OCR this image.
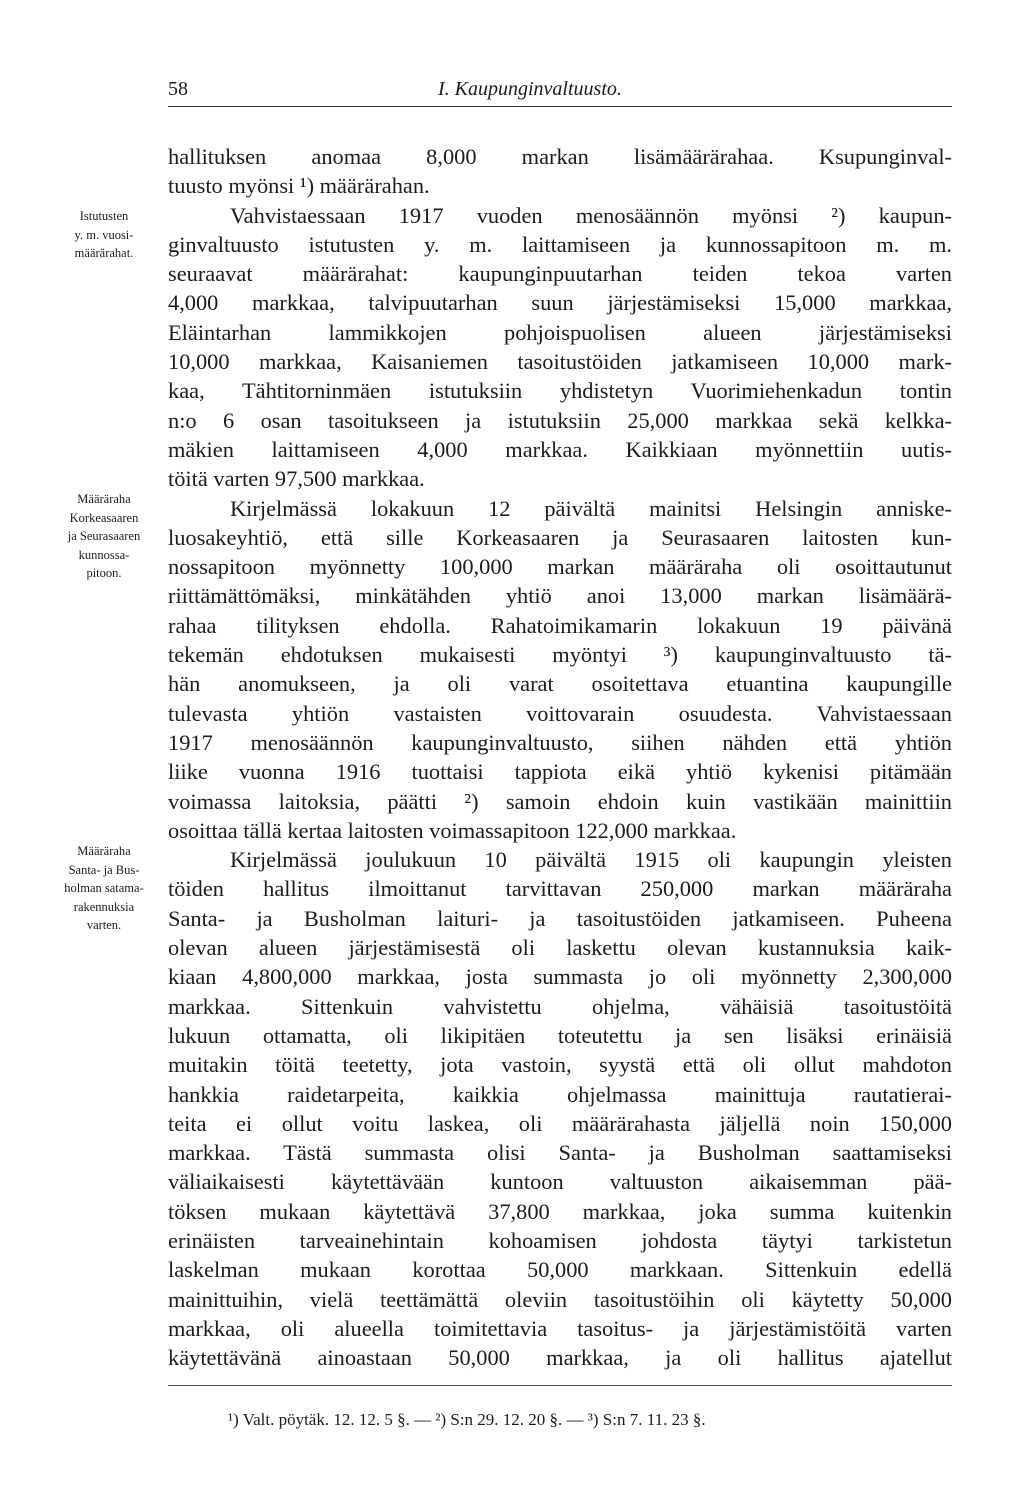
58	I. Kaupunginvaltuusto.
Istutusten
y. m. vuosi-
määrärahat.
Määräraha
Korkeasaaren
ja Seurasaaren
kunnossa-
pitoon.
Määräraha
Santa- ja Bus-
holman satama-
rakennuksia
varten.
hallituksen anomaa 8,000 markan lisämäärärahaa. Ksupunginval-
tuusto myönsi ¹) määrärahan.
Vahvistaessaan 1917 vuoden menosäännön myönsi ²) kaupun-
ginvaltuusto istutusten y. m. laittamiseen ja kunnossapitoon m. m.
seuraavat määrärahat: kaupunginpuutarhan teiden tekoa varten
4,000 markkaa, talvipuutarhan suun järjestämiseksi 15,000 markkaa,
Eläintarhan lammikkojen pohjoispuolisen alueen järjestämiseksi
10,000 markkaa, Kaisaniemen tasoitustöiden jatkamiseen 10,000 mark-
kaa, Tähtitorninmäen istutuksiin yhdistetyn Vuorimiehenkadun tontin
n:o 6 osan tasoitukseen ja istutuksiin 25,000 markkaa sekä kelkka-
mäkien laittamiseen 4,000 markkaa. Kaikkiaan myönnettiin uutis-
töitä varten 97,500 markkaa.
Kirjelmässä lokakuun 12 päivältä mainitsi Helsingin anniske-
luosakeyhtiö, että sille Korkeasaaren ja Seurasaaren laitosten kun-
nossapitoon myönnetty 100,000 markan määräraha oli osoittautunut
riittämättömäksi, minkätähden yhtiö anoi 13,000 markan lisämäärä-
rahaa tilityksen ehdolla. Rahatoimikamarin lokakuun 19 päivänä
tekemän ehdotuksen mukaisesti myöntyi ³) kaupunginvaltuusto tä-
hän anomukseen, ja oli varat osoitettava etuantina kaupungille
tulevasta yhtiön vastaisten voittovarain osuudesta. Vahvistaessaan
1917 menosäännön kaupunginvaltuusto, siihen nähden että yhtiön
liike vuonna 1916 tuottaisi tappiota eikä yhtiö kykenisi pitämään
voimassa laitoksia, päätti ²) samoin ehdoin kuin vastikään mainittiin
osoittaa tällä kertaa laitosten voimassapitoon 122,000 markkaa.
Kirjelmässä joulukuun 10 päivältä 1915 oli kaupungin yleisten
töiden hallitus ilmoittanut tarvittavan 250,000 markan määräraha
Santa- ja Busholman laituri- ja tasoitustöiden jatkamiseen. Puheena
olevan alueen järjestämisestä oli laskettu olevan kustannuksia kaik-
kiaan 4,800,000 markkaa, josta summasta jo oli myönnetty 2,300,000
markkaa. Sittenkuin vahvistettu ohjelma, vähäisiä tasoitustöitä
lukuun ottamatta, oli likipitäen toteutettu ja sen lisäksi erinäisiä
muitakin töitä teetetty, jota vastoin, syystä että oli ollut mahdoton
hankkia raidetarpeita, kaikkia ohjelmassa mainittuja rautatierai-
teita ei ollut voitu laskea, oli määrärahasta jäljellä noin 150,000
markkaa. Tästä summasta olisi Santa- ja Busholman saattamiseksi
väliaikaisesti käytettävään kuntoon valtuuston aikaisemman pää-
töksen mukaan käytettävä 37,800 markkaa, joka summa kuitenkin
erinäisten tarveainehintain kohoamisen johdosta täytyi tarkistetun
laskelman mukaan korottaa 50,000 markkaan. Sittenkuin edellä
mainittuihin, vielä teettämättä oleviin tasoitustöihin oli käytetty 50,000
markkaa, oli alueella toimitettavia tasoitus- ja järjestämistöitä varten
käytettävänä ainoastaan 50,000 markkaa, ja oli hallitus ajatellut
¹) Valt. pöytäk. 12. 12. 5 §. — ²) S:n 29. 12. 20 §. — ³) S:n 7. 11. 23 §.
